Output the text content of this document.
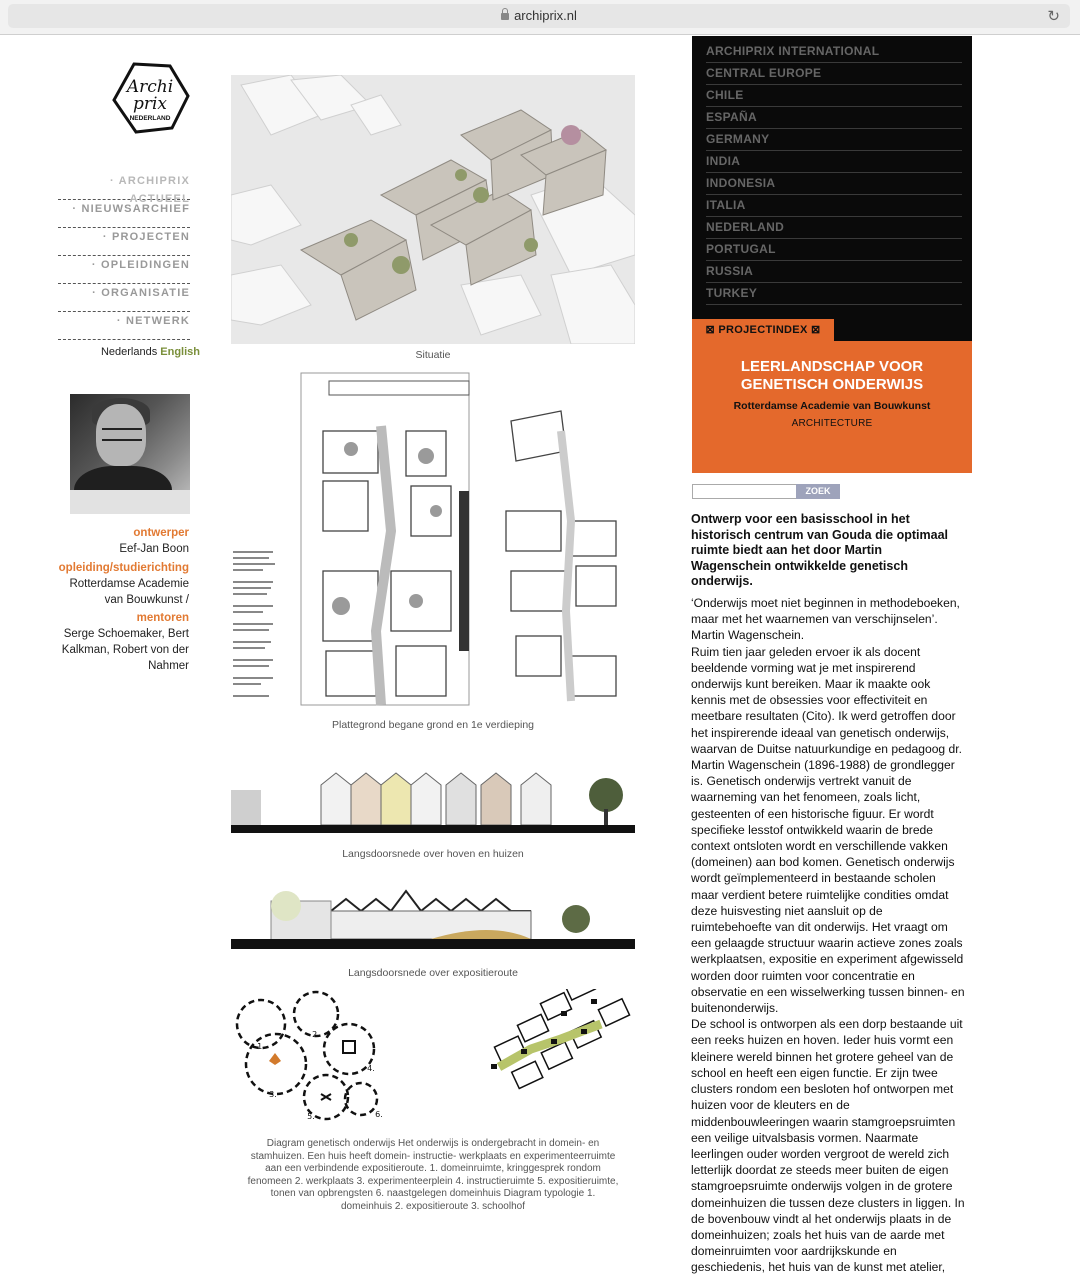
archiprix.nl	↻
Archi
prix
NEDERLAND
· ARCHIPRIX ACTUEEL
· NIEUWSARCHIEF
· PROJECTEN
· OPLEIDINGEN
· ORGANISATIE
· NETWERK
Nederlands English
ontwerper
Eef-Jan Boon
opleiding/studierichting
Rotterdamse Academie
van Bouwkunst /
mentoren
Serge Schoemaker, Bert
Kalkman, Robert von der
Nahmer
Situatie
Plattegrond begane grond en 1e verdieping
Langsdoorsnede over hoven en huizen
Langsdoorsnede over expositieroute
1.
2.
3.
4.
5.	6.
Diagram genetisch onderwijs Het onderwijs is ondergebracht in domein- en
stamhuizen. Een huis heeft domein- instructie- werkplaats en experimenteerruimte
aan een verbindende expositieroute. 1. domeinruimte, kringgesprek rondom
fenomeen 2. werkplaats 3. experimenteerplein 4. instructieruimte 5. expositieruimte,
tonen van opbrengsten 6. naastgelegen domeinhuis Diagram typologie 1.
domeinhuis 2. expositieroute 3. schoolhof
ARCHIPRIX INTERNATIONAL
CENTRAL EUROPE
CHILE
ESPAÑA
GERMANY
INDIA
INDONESIA
ITALIA
NEDERLAND
PORTUGAL
RUSSIA
TURKEY
⊠ PROJECTINDEX ⊠
LEERLANDSCHAP VOOR
GENETISCH ONDERWIJS
Rotterdamse Academie van Bouwkunst
ARCHITECTURE
ZOEK
Ontwerp voor een basisschool in het historisch centrum van Gouda die optimaal ruimte biedt aan het door Martin Wagenschein ontwikkelde genetisch onderwijs.

‘Onderwijs moet niet beginnen in methodeboeken, maar met het waarnemen van verschijnselen’.

Martin Wagenschein.

Ruim tien jaar geleden ervoer ik als docent beeldende vorming wat je met inspirerend onderwijs kunt bereiken. Maar ik maakte ook kennis met de obsessies voor effectiviteit en meetbare resultaten (Cito). Ik werd getroffen door het inspirerende ideaal van genetisch onderwijs, waarvan de Duitse natuurkundige en pedagoog dr. Martin Wagenschein (1896-1988) de grondlegger is. Genetisch onderwijs vertrekt vanuit de waarneming van het fenomeen, zoals licht, gesteenten of een historische figuur. Er wordt specifieke lesstof ontwikkeld waarin de brede context ontsloten wordt en verschillende vakken (domeinen) aan bod komen. Genetisch onderwijs wordt geïmplementeerd in bestaande scholen maar verdient betere ruimtelijke condities omdat deze huisvesting niet aansluit op de ruimtebehoefte van dit onderwijs. Het vraagt om een gelaagde structuur waarin actieve zones zoals werkplaatsen, expositie en experiment afgewisseld worden door ruimten voor concentratie en observatie en een wisselwerking tussen binnen- en buitenonderwijs.

De school is ontworpen als een dorp bestaande uit een reeks huizen en hoven. Ieder huis vormt een kleinere wereld binnen het grotere geheel van de school en heeft een eigen functie. Er zijn twee clusters rondom een besloten hof ontworpen met huizen voor de kleuters en de middenbouwleeringen waarin stamgroepsruimten een veilige uitvalsbasis vormen. Naarmate leerlingen ouder worden vergroot de wereld zich letterlijk doordat ze steeds meer buiten de eigen stamgroepsruimte onderwijs volgen in de grotere domeinhuizen die tussen deze clusters in liggen. In de bovenbouw vindt al het onderwijs plaats in de domeinhuizen; zoals het huis van de aarde met domeinruimten voor aardrijkskunde en geschiedenis, het huis van de kunst met atelier,
